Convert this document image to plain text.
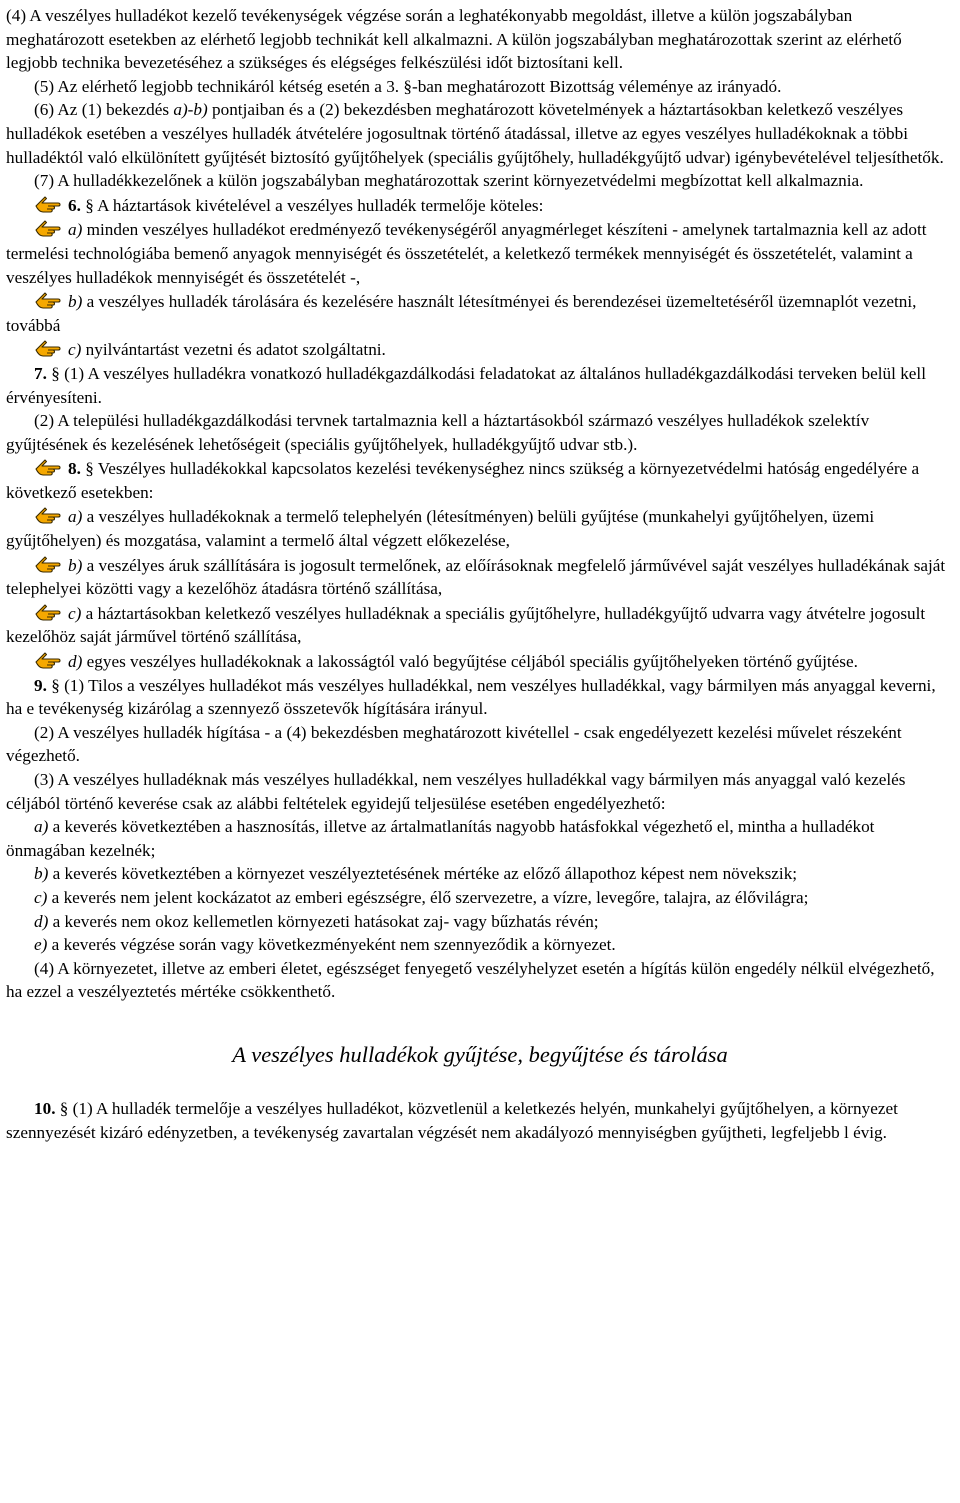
(4) A veszélyes hulladékot kezelő tevékenységek végzése során a leghatékonyabb megoldást, illetve a külön jogszabályban meghatározott esetekben az elérhető legjobb technikát kell alkalmazni. A külön jogszabályban meghatározottak szerint az elérhető legjobb technika bevezetéséhez a szükséges és elégséges felkészülési időt biztosítani kell.

(5) Az elérhető legjobb technikáról kétség esetén a 3. §-ban meghatározott Bizottság véleménye az irányadó.

(6) Az (1) bekezdés a)-b) pontjaiban és a (2) bekezdésben meghatározott követelmények a háztartásokban keletkező veszélyes hulladékok esetében a veszélyes hulladék átvételére jogosultnak történő átadással, illetve az egyes veszélyes hulladékoknak a többi hulladéktól való elkülönített gyűjtését biztosító gyűjtőhelyek (speciális gyűjtőhely, hulladékgyűjtő udvar) igénybevételével teljesíthetők.

(7) A hulladékkezelőnek a külön jogszabályban meghatározottak szerint környezetvédelmi megbízottat kell alkalmaznia.

6. § A háztartások kivételével a veszélyes hulladék termelője köteles:

a) minden veszélyes hulladékot eredményező tevékenységéről anyagmérleget készíteni - amelynek tartalmaznia kell az adott termelési technológiába bemenő anyagok mennyiségét és összetételét, a keletkező termékek mennyiségét és összetételét, valamint a veszélyes hulladékok mennyiségét és összetételét -,

b) a veszélyes hulladék tárolására és kezelésére használt létesítményei és berendezései üzemeltetéséről üzemnaplót vezetni, továbbá

c) nyilvántartást vezetni és adatot szolgáltatni.

7. § (1) A veszélyes hulladékra vonatkozó hulladékgazdálkodási feladatokat az általános hulladékgazdálkodási terveken belül kell érvényesíteni.

(2) A települési hulladékgazdálkodási tervnek tartalmaznia kell a háztartásokból származó veszélyes hulladékok szelektív gyűjtésének és kezelésének lehetőségeit (speciális gyűjtőhelyek, hulladékgyűjtő udvar stb.).

8. § Veszélyes hulladékokkal kapcsolatos kezelési tevékenységhez nincs szükség a környezetvédelmi hatóság engedélyére a következő esetekben:

a) a veszélyes hulladékoknak a termelő telephelyén (létesítményen) belüli gyűjtése (munkahelyi gyűjtőhelyen, üzemi gyűjtőhelyen) és mozgatása, valamint a termelő által végzett előkezelése,

b) a veszélyes áruk szállítására is jogosult termelőnek, az előírásoknak megfelelő járművével saját veszélyes hulladékának saját telephelyei közötti vagy a kezelőhöz átadásra történő szállítása,

c) a háztartásokban keletkező veszélyes hulladéknak a speciális gyűjtőhelyre, hulladékgyűjtő udvarra vagy átvételre jogosult kezelőhöz saját járművel történő szállítása,

d) egyes veszélyes hulladékoknak a lakosságtól való begyűjtése céljából speciális gyűjtőhelyeken történő gyűjtése.

9. § (1) Tilos a veszélyes hulladékot más veszélyes hulladékkal, nem veszélyes hulladékkal, vagy bármilyen más anyaggal keverni, ha e tevékenység kizárólag a szennyező összetevők hígítására irányul.

(2) A veszélyes hulladék hígítása - a (4) bekezdésben meghatározott kivétellel - csak engedélyezett kezelési művelet részeként végezhető.

(3) A veszélyes hulladéknak más veszélyes hulladékkal, nem veszélyes hulladékkal vagy bármilyen más anyaggal való kezelés céljából történő keverése csak az alábbi feltételek egyidejű teljesülése esetében engedélyezhető:

a) a keverés következtében a hasznosítás, illetve az ártalmatlanítás nagyobb hatásfokkal végezhető el, mintha a hulladékot önmagában kezelnék;

b) a keverés következtében a környezet veszélyeztetésének mértéke az előző állapothoz képest nem növekszik;

c) a keverés nem jelent kockázatot az emberi egészségre, élő szervezetre, a vízre, levegőre, talajra, az élővilágra;

d) a keverés nem okoz kellemetlen környezeti hatásokat zaj- vagy bűzhatás révén;

e) a keverés végzése során vagy következményeként nem szennyeződik a környezet.

(4) A környezetet, illetve az emberi életet, egészséget fenyegető veszélyhelyzet esetén a hígítás külön engedély nélkül elvégezhető, ha ezzel a veszélyeztetés mértéke csökkenthető.

A veszélyes hulladékok gyűjtése, begyűjtése és tárolása

10. § (1) A hulladék termelője a veszélyes hulladékot, közvetlenül a keletkezés helyén, munkahelyi gyűjtőhelyen, a környezet szennyezését kizáró edényzetben, a tevékenység zavartalan végzését nem akadályozó mennyiségben gyűjtheti, legfeljebb l évig.
